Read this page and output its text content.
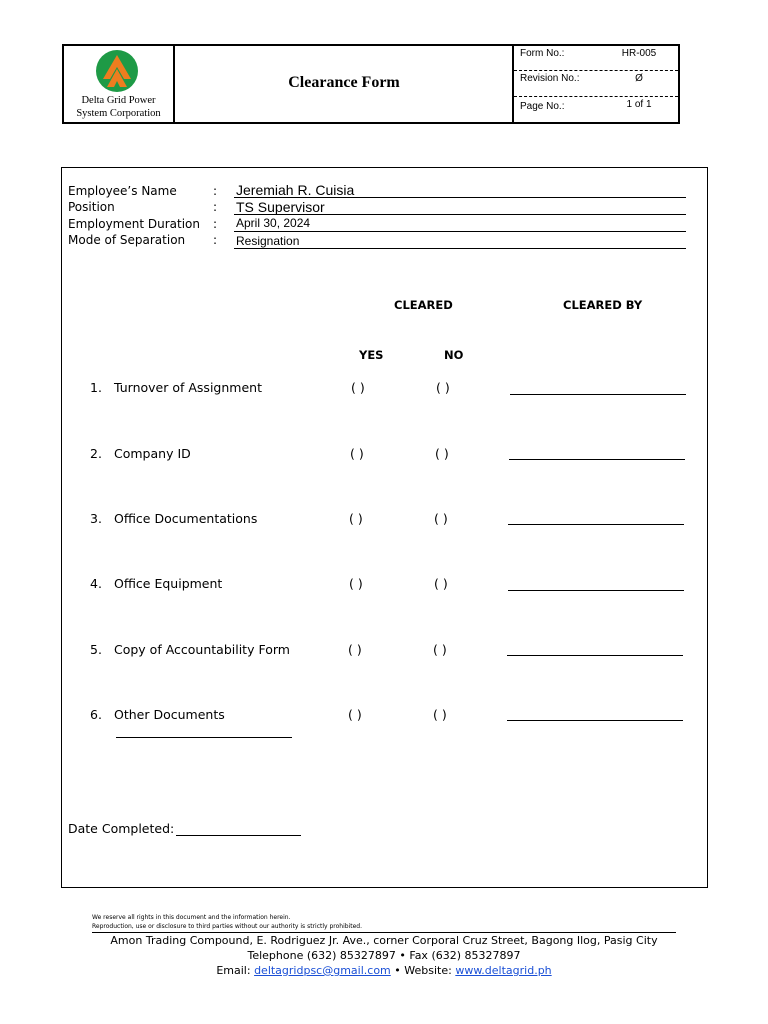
Delta Grid Power
System Corporation
Clearance Form
Form No.:	HR-005
Revision No.:	Ø
Page No.:	1 of 1
Employee’s Name	: Jeremiah R. Cuisia
Position	: TS Supervisor
Employment Duration : April 30, 2024
Mode of Separation : Resignation
CLEARED	CLEARED BY
YES	NO
1. Turnover of Assignment	( )	( )
2. Company ID	( )	( )
3. Office Documentations	( )	( )
4. Office Equipment	( )	( )
5. Copy of Accountability Form	( )	( )
6. Other Documents	( )	( )
Date Completed:
We reserve all rights in this document and the information herein.
Reproduction, use or disclosure to third parties without our authority is strictly prohibited.
Amon Trading Compound, E. Rodriguez Jr. Ave., corner Corporal Cruz Street, Bagong Ilog, Pasig City
Telephone (632) 85327897 • Fax (632) 85327897
Email: deltagridpsc@gmail.com • Website: www.deltagrid.ph
